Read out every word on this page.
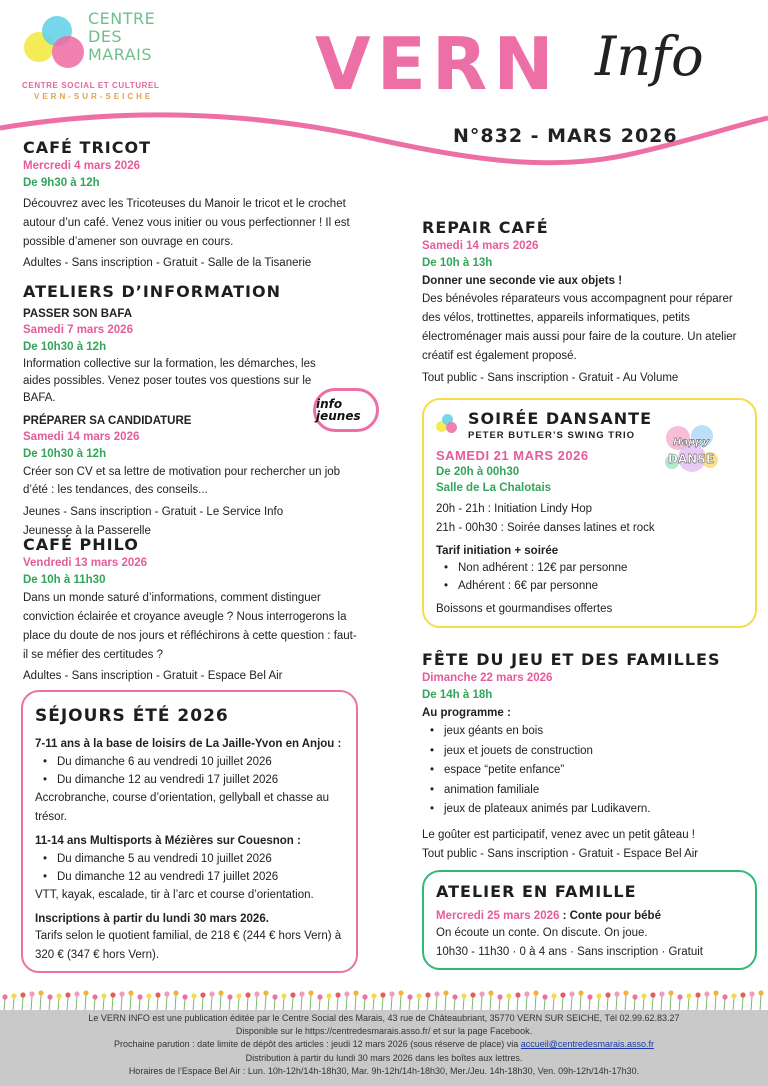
CENTRE
DES
MARAIS
CENTRE SOCIAL ET CULTUREL
VERN-SUR-SEICHE VERN Info
N°832 - MARS 2026
CAFÉ TRICOT
Mercredi 4 mars 2026
De 9h30 à 12h
Découvrez avec les Tricoteuses du Manoir le tricot et le crochet autour d’un café. Venez vous initier ou vous perfectionner ! Il est possible d’amener son ouvrage en cours.
Adultes - Sans inscription - Gratuit - Salle de la Tisanerie
ATELIERS D’INFORMATION
PASSER SON BAFA
Samedi 7 mars 2026
De 10h30 à 12h
Information collective sur la formation, les démarches, les aides possibles. Venez poser toutes vos questions sur le BAFA.
PRÉPARER SA CANDIDATURE
Samedi 14 mars 2026
De 10h30 à 12h
Créer son CV et sa lettre de motivation pour rechercher un job d’été : les tendances, des conseils...
Jeunes - Sans inscription - Gratuit - Le Service Info
Jeunesse à la Passerelle
info jeunes
CAFÉ PHILO
Vendredi 13 mars 2026
De 10h à 11h30
Dans un monde saturé d’informations, comment distinguer conviction éclairée et croyance aveugle ? Nous interrogerons la place du doute de nos jours et réfléchirons à cette question : faut-il se méfier des certitudes ?
Adultes - Sans inscription - Gratuit - Espace Bel Air
SÉJOURS ÉTÉ 2026
7-11 ans à la base de loisirs de La Jaille-Yvon en Anjou :
• Du dimanche 6 au vendredi 10 juillet 2026
• Du dimanche 12 au vendredi 17 juillet 2026
Accrobranche, course d’orientation, gellyball et chasse au trésor.
11-14 ans Multisports à Mézières sur Couesnon :
• Du dimanche 5 au vendredi 10 juillet 2026
• Du dimanche 12 au vendredi 17 juillet 2026
VTT, kayak, escalade, tir à l’arc et course d’orientation.
Inscriptions à partir du lundi 30 mars 2026.
Tarifs selon le quotient familial, de 218 € (244 € hors Vern) à 320 € (347 € hors Vern).
REPAIR CAFÉ
Samedi 14 mars 2026
De 10h à 13h
Donner une seconde vie aux objets !
Des bénévoles réparateurs vous accompagnent pour réparer des vélos, trottinettes, appareils informatiques, petits électroménager mais aussi pour faire de la couture. Un atelier créatif est également proposé.
Tout public - Sans inscription - Gratuit - Au Volume
SOIRÉE DANSANTE
PETER BUTLER’S SWING TRIO
SAMEDI 21 MARS 2026
De 20h à 00h30
Salle de La Chalotais
20h - 21h : Initiation Lindy Hop
21h - 00h30 : Soirée danses latines et rock
Tarif initiation + soirée
• Non adhérent : 12€ par personne
• Adhérent : 6€ par personne
Boissons et gourmandises offertes
Happy
DANSE
FÊTE DU JEU ET DES FAMILLES
Dimanche 22 mars 2026
De 14h à 18h
Au programme :
• jeux géants en bois
• jeux et jouets de construction
• espace “petite enfance”
• animation familiale
• jeux de plateaux animés par Ludikavern.
Le goûter est participatif, venez avec un petit gâteau !
Tout public - Sans inscription - Gratuit - Espace Bel Air
ATELIER EN FAMILLE
Mercredi 25 mars 2026 : Conte pour bébé
On écoute un conte. On discute. On joue.
10h30 - 11h30 · 0 à 4 ans · Sans inscription · Gratuit
Le VERN INFO est une publication éditée par le Centre Social des Marais, 43 rue de Châteaubriant, 35770 VERN SUR SEICHE, Tél 02.99.62.83.27
Disponible sur le https://centredesmarais.asso.fr/ et sur la page Facebook.
Prochaine parution : date limite de dépôt des articles : jeudi 12 mars 2026 (sous réserve de place) via accueil@centredesmarais.asso.fr
Distribution à partir du lundi 30 mars 2026 dans les boîtes aux lettres.
Horaires de l’Espace Bel Air : Lun. 10h-12h/14h-18h30, Mar. 9h-12h/14h-18h30, Mer./Jeu. 14h-18h30, Ven. 09h-12h/14h-17h30.
